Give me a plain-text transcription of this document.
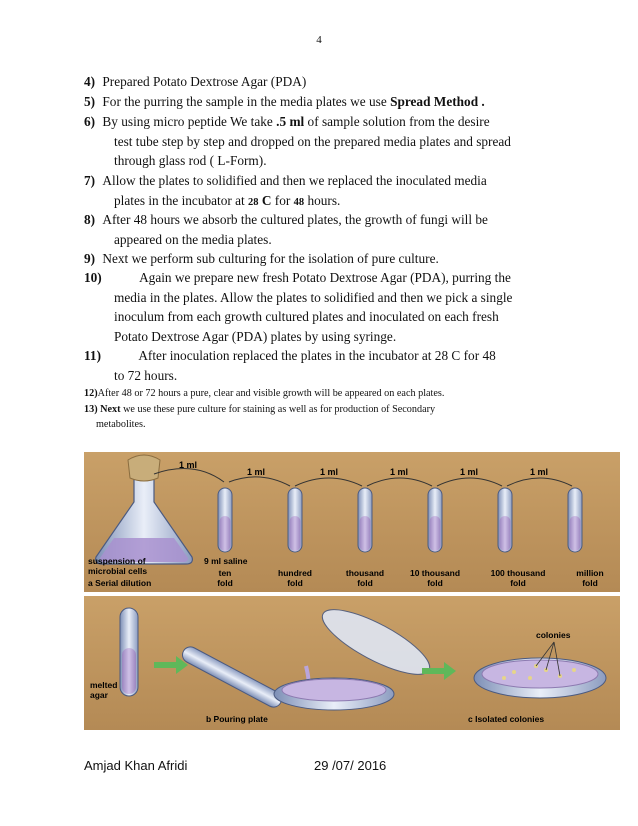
4
4) Prepared Potato Dextrose Agar (PDA)
5) For the purring the sample in the media plates we use Spread Method .
6) By using micro peptide We take .5 ml of sample solution from the desire
test tube step by step and dropped on the prepared media plates and spread
through glass rod ( L-Form).
7) Allow the plates to solidified and then we replaced the inoculated media
plates in the incubator at 28 C for 48 hours.
8) After 48 hours we absorb the cultured plates, the growth of fungi will be
appeared on the media plates.
9) Next we perform sub culturing for the isolation of pure culture.
10)	Again we prepare new fresh Potato Dextrose Agar (PDA), purring the
media in the plates. Allow the plates to solidified and then we pick a single
inoculum from each growth cultured plates and inoculated on each fresh
Potato Dextrose Agar (PDA) plates by using syringe.
11)	After inoculation replaced the plates in the incubator at 28 C for 48
to 72 hours.
12)After 48 or 72 hours a pure, clear and visible growth will be appeared on each plates.
13) Next we use these pure culture for staining as well as for production of Secondary
metabolites.
1 ml
1 ml	1 ml	1 ml	1 ml	1 ml
suspension of
microbial cells
9 ml saline
a Serial dilution
ten
fold
hundred
fold
thousand
fold
10 thousand
fold
100 thousand
fold
million
fold
melted
agar
b Pouring plate
colonies
c Isolated colonies
Amjad Khan Afridi	29 /07/ 2016
